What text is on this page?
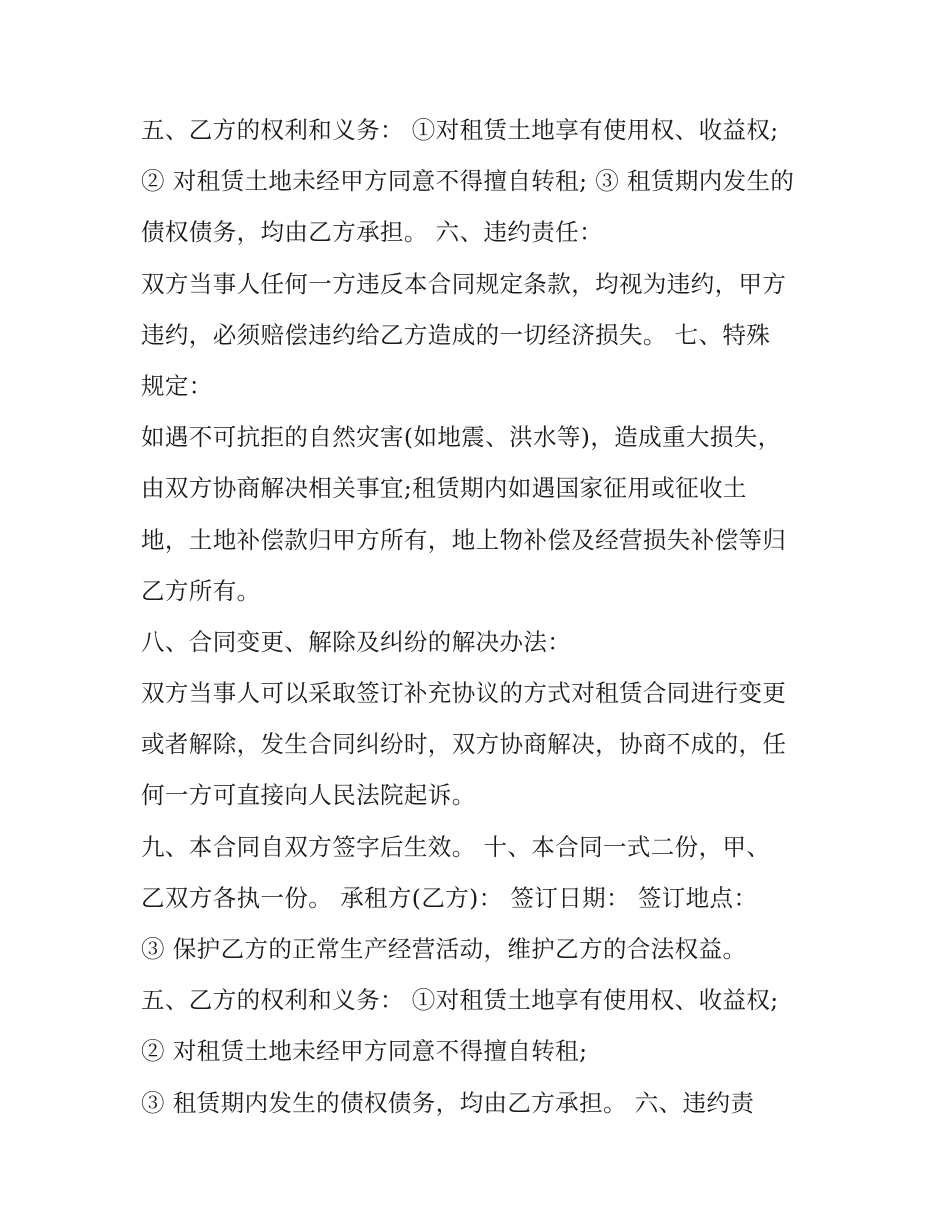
五、乙方的权利和义务： ①对租赁土地享有使用权、收益权;
② 对租赁土地未经甲方同意不得擅自转租; ③ 租赁期内发生的
债权债务，均由乙方承担。 六、违约责任：
双方当事人任何一方违反本合同规定条款，均视为违约，甲方
违约，必须赔偿违约给乙方造成的一切经济损失。 七、特殊
规定：
如遇不可抗拒的自然灾害(如地震、洪水等)，造成重大损失，
由双方协商解决相关事宜;租赁期内如遇国家征用或征收土
地，土地补偿款归甲方所有，地上物补偿及经营损失补偿等归
乙方所有。
八、合同变更、解除及纠纷的解决办法：
双方当事人可以采取签订补充协议的方式对租赁合同进行变更
或者解除，发生合同纠纷时，双方协商解决，协商不成的，任
何一方可直接向人民法院起诉。
九、本合同自双方签字后生效。 十、本合同一式二份，甲、
乙双方各执一份。 承租方(乙方)： 签订日期： 签订地点：
③ 保护乙方的正常生产经营活动，维护乙方的合法权益。
五、乙方的权利和义务： ①对租赁土地享有使用权、收益权;
② 对租赁土地未经甲方同意不得擅自转租;
③ 租赁期内发生的债权债务，均由乙方承担。 六、违约责
